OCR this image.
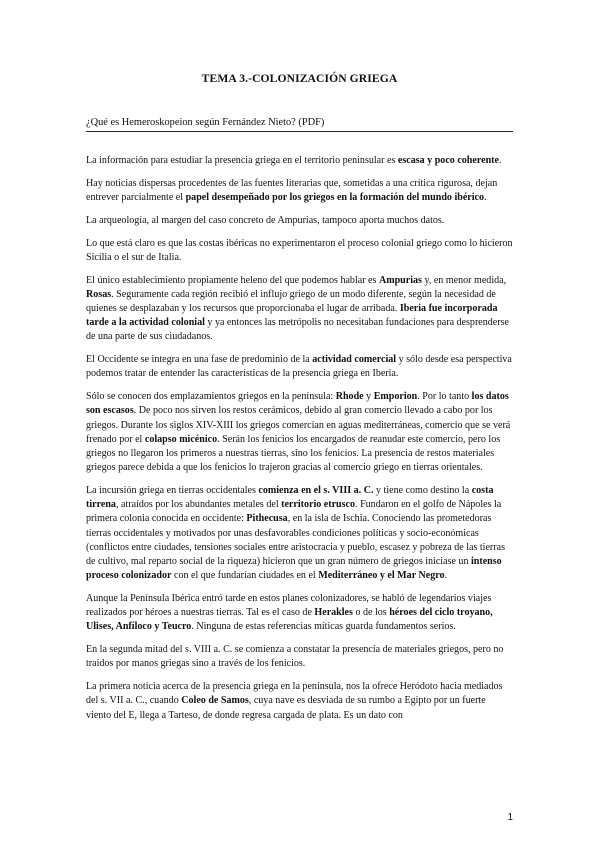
TEMA 3.-COLONIZACIÓN GRIEGA
¿Qué es Hemeroskopeion según Fernández Nieto? (PDF)

La información para estudiar la presencia griega en el territorio peninsular es escasa y poco coherente.

Hay noticias dispersas procedentes de las fuentes literarias que, sometidas a una crítica rigurosa, dejan entrever parcialmente el papel desempeñado por los griegos en la formación del mundo ibérico.

La arqueología, al margen del caso concreto de Ampurias, tampoco aporta muchos datos.

Lo que está claro es que las costas ibéricas no experimentaron el proceso colonial griego como lo hicieron Sicilia o el sur de Italia.

El único establecimiento propiamente heleno del que podemos hablar es Ampurias y, en menor medida, Rosas. Seguramente cada región recibió el influjo griego de un modo diferente, según la necesidad de quienes se desplazaban y los recursos que proporcionaba el lugar de arribada. Iberia fue incorporada tarde a la actividad colonial y ya entonces las metrópolis no necesitaban fundaciones para desprenderse de una parte de sus ciudadanos.

El Occidente se integra en una fase de predominio de la actividad comercial y sólo desde esa perspectiva podemos tratar de entender las características de la presencia griega en Iberia.

Sólo se conocen dos emplazamientos griegos en la península: Rhode y Emporion. Por lo tanto los datos son escasos. De poco nos sirven los restos cerámicos, debido al gran comercio llevado a cabo por los griegos. Durante los siglos XIV-XIII los griegos comercian en aguas mediterráneas, comercio que se verá frenado por el colapso micénico. Serán los fenicios los encargados de reanudar este comercio, pero los griegos no llegaron los primeros a nuestras tierras, sino los fenicios. La presencia de restos materiales griegos parece debida a que los fenicios lo trajeron gracias al comercio griego en tierras orientales.

La incursión griega en tierras occidentales comienza en el s. VIII a. C. y tiene como destino la costa tirrena, atraídos por los abundantes metales del territorio etrusco. Fundaron en el golfo de Nápoles la primera colonia conocida en occidente: Pithecusa, en la isla de Ischia. Conociendo las prometedoras tierras occidentales y motivados por unas desfavorables condiciones políticas y socio-económicas (conflictos entre ciudades, tensiones sociales entre aristocracia y pueblo, escasez y pobreza de las tierras de cultivo, mal reparto social de la riqueza) hicieron que un gran número de griegos iniciase un intenso proceso colonizador con el que fundarían ciudades en el Mediterráneo y el Mar Negro.

Aunque la Península Ibérica entró tarde en estos planes colonizadores, se habló de legendarios viajes realizados por héroes a nuestras tierras. Tal es el caso de Herakles o de los héroes del ciclo troyano, Ulises, Anfíloco y Teucro. Ninguna de estas referencias míticas guarda fundamentos serios.

En la segunda mitad del s. VIII a. C. se comienza a constatar la presencia de materiales griegos, pero no traídos por manos griegas sino a través de los fenicios.

La primera noticia acerca de la presencia griega en la península, nos la ofrece Heródoto hacia mediados del s. VII a. C., cuando Coleo de Samos, cuya nave es desviada de su rumbo a Egipto por un fuerte viento del E, llega a Tarteso, de donde regresa cargada de plata. Es un dato con

1
